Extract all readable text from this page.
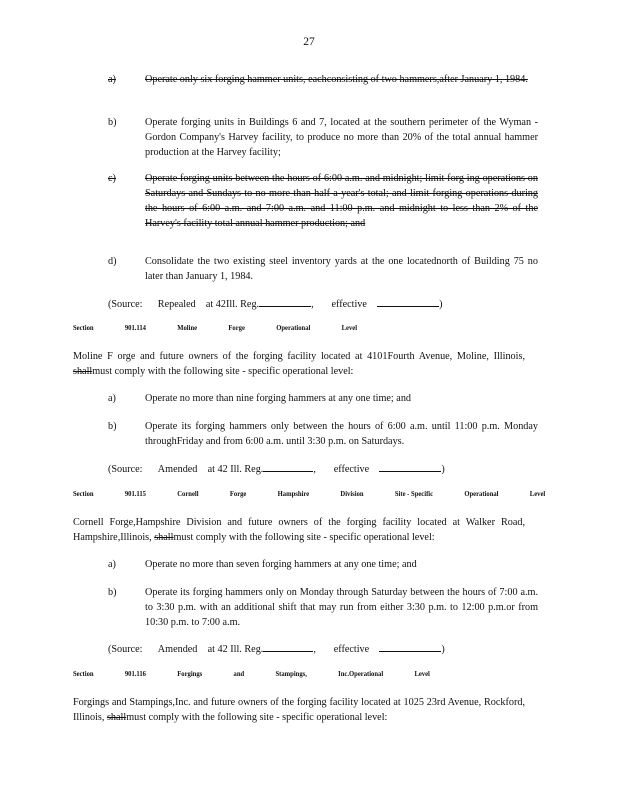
27
a)	Operate only six forging hammer units, eachconsisting of two hammers,after January 1, 1984.
b)	Operate forging units in Buildings 6 and 7, located at the southern perimeter of the Wyman -Gordon Company's Harvey facility, to produce no more than 20% of the total annual hammer production at the Harvey facility;
c)	Operate forging units between the hours of 6:00 a.m. and midnight; limit forg ing operations on Saturdays and Sundays to no more than half a year's total; and limit forging operations during the hours of 6:00 a.m. and 7:00 a.m. and 11:00 p.m. and midnight to less than 2% of the Harvey's facility total annual hammer production; and
d)	Consolidate the two existing steel inventory yards at the one locatednorth of Building 75 no later than January 1, 1984.
(Source: Repealed at 42Ill. Reg.	, effective	)
Section	901.114	Moline	Forge	Operational	Level
Moline F orge and future owners of the forging facility located at 4101Fourth Avenue, Moline, Illinois, shallmust comply with the following site - specific operational level:
a)	Operate no more than nine forging hammers at any one time; and
b)	Operate its forging hammers only between the hours of 6:00 a.m. until 11:00 p.m. Monday throughFriday and from 6:00 a.m. until 3:30 p.m. on Saturdays.
(Source: Amended at 42 Ill. Reg.	, effective	)
Section	901.115	Cornell	Forge	Hampshire	Division	Site - Specific	Operational	Level
Cornell Forge,Hampshire Division and future owners of the forging facility located at Walker Road, Hampshire,Illinois, shallmust comply with the following site - specific operational level:
a)	Operate no more than seven forging hammers at any one time; and
b)	Operate its forging hammers only on Monday through Saturday between the hours of 7:00 a.m. to 3:30 p.m. with an additional shift that may run from either 3:30 p.m. to 12:00 p.m.or from 10:30 p.m. to 7:00 a.m.
(Source: Amended at 42 Ill. Reg.	, effective	)
Section	901.116	Forgings	and	Stampings,	Inc.Operational	Level
Forgings and Stampings,Inc. and future owners of the forging facility located at 1025 23rd Avenue, Rockford, Illinois, shallmust comply with the following site - specific operational level:
